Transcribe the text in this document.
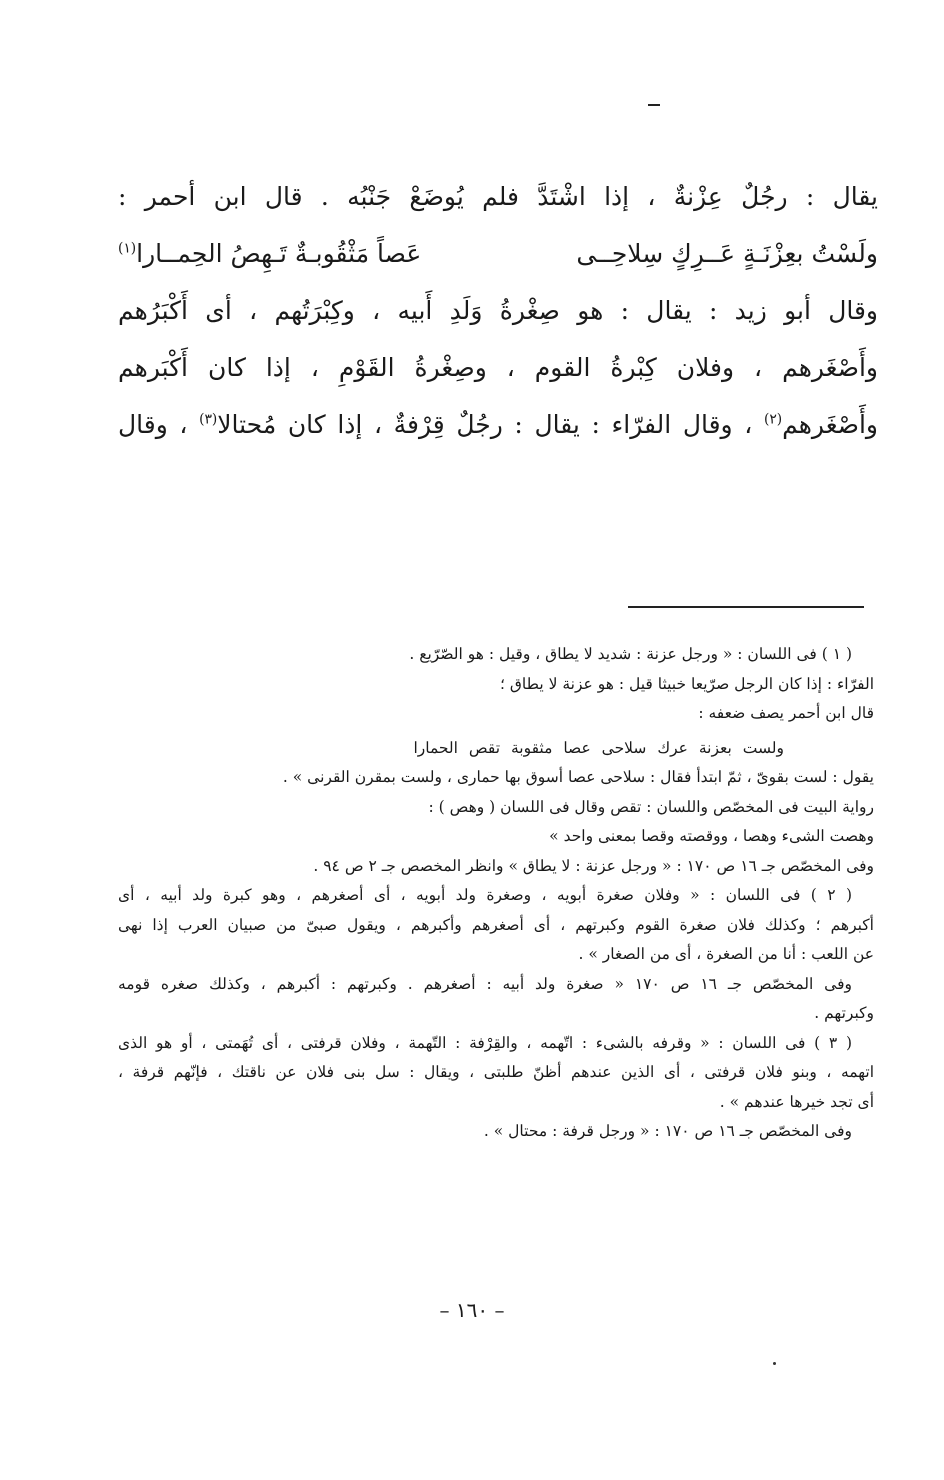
يقال : رجُلٌ عِزْنةٌ ، إذا اشْتَدَّ فلم يُوضَعْ جَنْبُه . قال ابن أحمر :
ولَسْتُ بعِزْنَـةٍ عَــرِكٍ سِلاحِــى
عَصاً مَثْقُوبـةٌ تَـهِصُ الحِمــارا$^{(١)}$
وقال أبو زيد : يقال : هو صِغْرةُ وَلَدِ أَبيه ، وكِبْرَتُهم ، أى أَكْبَرُهم
وأَصْغَرهم ، وفلان كِبْرةُ القوم ، وصِغْرةُ القَوْمِ ، إذا كان أَكْبَرهم
وأَصْغَرهم$^{(٢)}$ ، وقال الفرّاء : يقال : رجُلٌ قِرْفةٌ ، إذا كان مُحتالا$^{(٣)}$ ، وقال
( ١ ) فى اللسان : « ورجل عزنة : شديد لا يطاق ، وقيل : هو الصّرّيع .
الفرّاء : إذا كان الرجل صرّيعا خبيثا قيل : هو عزنة لا يطاق ؛
قال ابن أحمر يصف ضعفه :
ولست بعزنة عرك سلاحى عصا مثقوبة تقص الحمارا
يقول : لست بقوىّ ، ثمّ ابتدأ فقال : سلاحى عصا أسوق بها حمارى ، ولست بمقرن القرنى » .
رواية البيت فى المخصّص واللسان : تقص وقال فى اللسان ( وهص ) :
وهصت الشىء وهصا ، ووقصته وقصا بمعنى واحد »
وفى المخصّص جـ ١٦ ص ١٧٠ : « ورجل عزنة : لا يطاق » وانظر المخصص جـ ٢ ص ٩٤ .
( ٢ ) فى اللسان : « وفلان صغرة أبويه ، وصغرة ولد أبويه ، أى أصغرهم ، وهو كبرة ولد أبيه ، أى
أكبرهم ؛ وكذلك فلان صغرة القوم وكبرتهم ، أى أصغرهم وأكبرهم ، ويقول صبىّ من صبيان العرب إذا نهى
عن اللعب : أنا من الصغرة ، أى من الصغار » .
وفى المخصّص جـ ١٦ ص ١٧٠ « صغرة ولد أبيه : أصغرهم . وكبرتهم : أكبرهم ، وكذلك صغره قومه
وكبرتهم .
( ٣ ) فى اللسان : « وقرفه بالشىء : اتّهمه ، والقِرْفة : التّهمة ، وفلان قرفتى ، أى تُهَمتى ، أو هو الذى
اتهمه ، وبنو فلان قرفتى ، أى الذين عندهم أظنّ طلبتى ، ويقال : سل بنى فلان عن ناقتك ، فإنّهم قرفة ،
أى تجد خيرها عندهم » .
وفى المخصّص جـ ١٦ ص ١٧٠ : « ورجل قرفة : محتال » .
– ١٦٠ –
